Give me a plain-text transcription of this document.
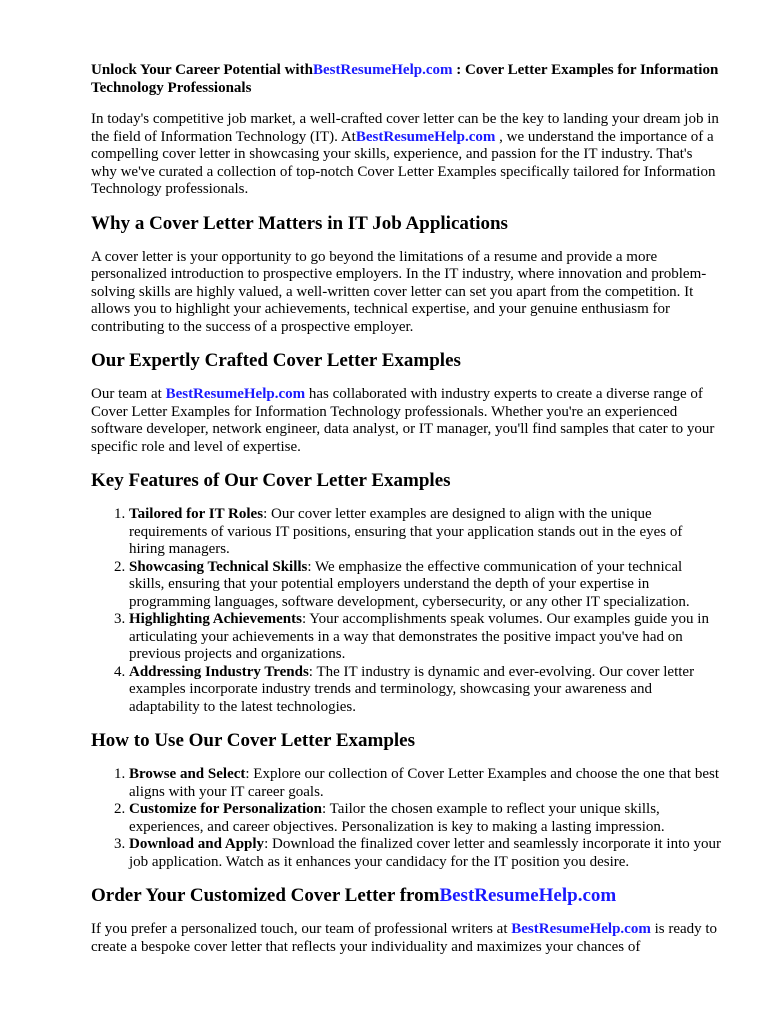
Unlock Your Career Potential withBestResumeHelp.com : Cover Letter Examples for Information Technology Professionals

In today's competitive job market, a well-crafted cover letter can be the key to landing your dream job in the field of Information Technology (IT). AtBestResumeHelp.com , we understand the importance of a compelling cover letter in showcasing your skills, experience, and passion for the IT industry. That's why we've curated a collection of top-notch Cover Letter Examples specifically tailored for Information Technology professionals.

Why a Cover Letter Matters in IT Job Applications

A cover letter is your opportunity to go beyond the limitations of a resume and provide a more personalized introduction to prospective employers. In the IT industry, where innovation and problem-solving skills are highly valued, a well-written cover letter can set you apart from the competition. It allows you to highlight your achievements, technical expertise, and your genuine enthusiasm for contributing to the success of a prospective employer.

Our Expertly Crafted Cover Letter Examples

Our team at BestResumeHelp.com has collaborated with industry experts to create a diverse range of Cover Letter Examples for Information Technology professionals. Whether you're an experienced software developer, network engineer, data analyst, or IT manager, you'll find samples that cater to your specific role and level of expertise.

Key Features of Our Cover Letter Examples
1. Tailored for IT Roles: Our cover letter examples are designed to align with the unique requirements of various IT positions, ensuring that your application stands out in the eyes of hiring managers.
2. Showcasing Technical Skills: We emphasize the effective communication of your technical skills, ensuring that your potential employers understand the depth of your expertise in programming languages, software development, cybersecurity, or any other IT specialization.
3. Highlighting Achievements: Your accomplishments speak volumes. Our examples guide you in articulating your achievements in a way that demonstrates the positive impact you've had on previous projects and organizations.
4. Addressing Industry Trends: The IT industry is dynamic and ever-evolving. Our cover letter examples incorporate industry trends and terminology, showcasing your awareness and adaptability to the latest technologies.
How to Use Our Cover Letter Examples
1. Browse and Select: Explore our collection of Cover Letter Examples and choose the one that best aligns with your IT career goals.
2. Customize for Personalization: Tailor the chosen example to reflect your unique skills, experiences, and career objectives. Personalization is key to making a lasting impression.
3. Download and Apply: Download the finalized cover letter and seamlessly incorporate it into your job application. Watch as it enhances your candidacy for the IT position you desire.
Order Your Customized Cover Letter fromBestResumeHelp.com

If you prefer a personalized touch, our team of professional writers at BestResumeHelp.com is ready to create a bespoke cover letter that reflects your individuality and maximizes your chances of
